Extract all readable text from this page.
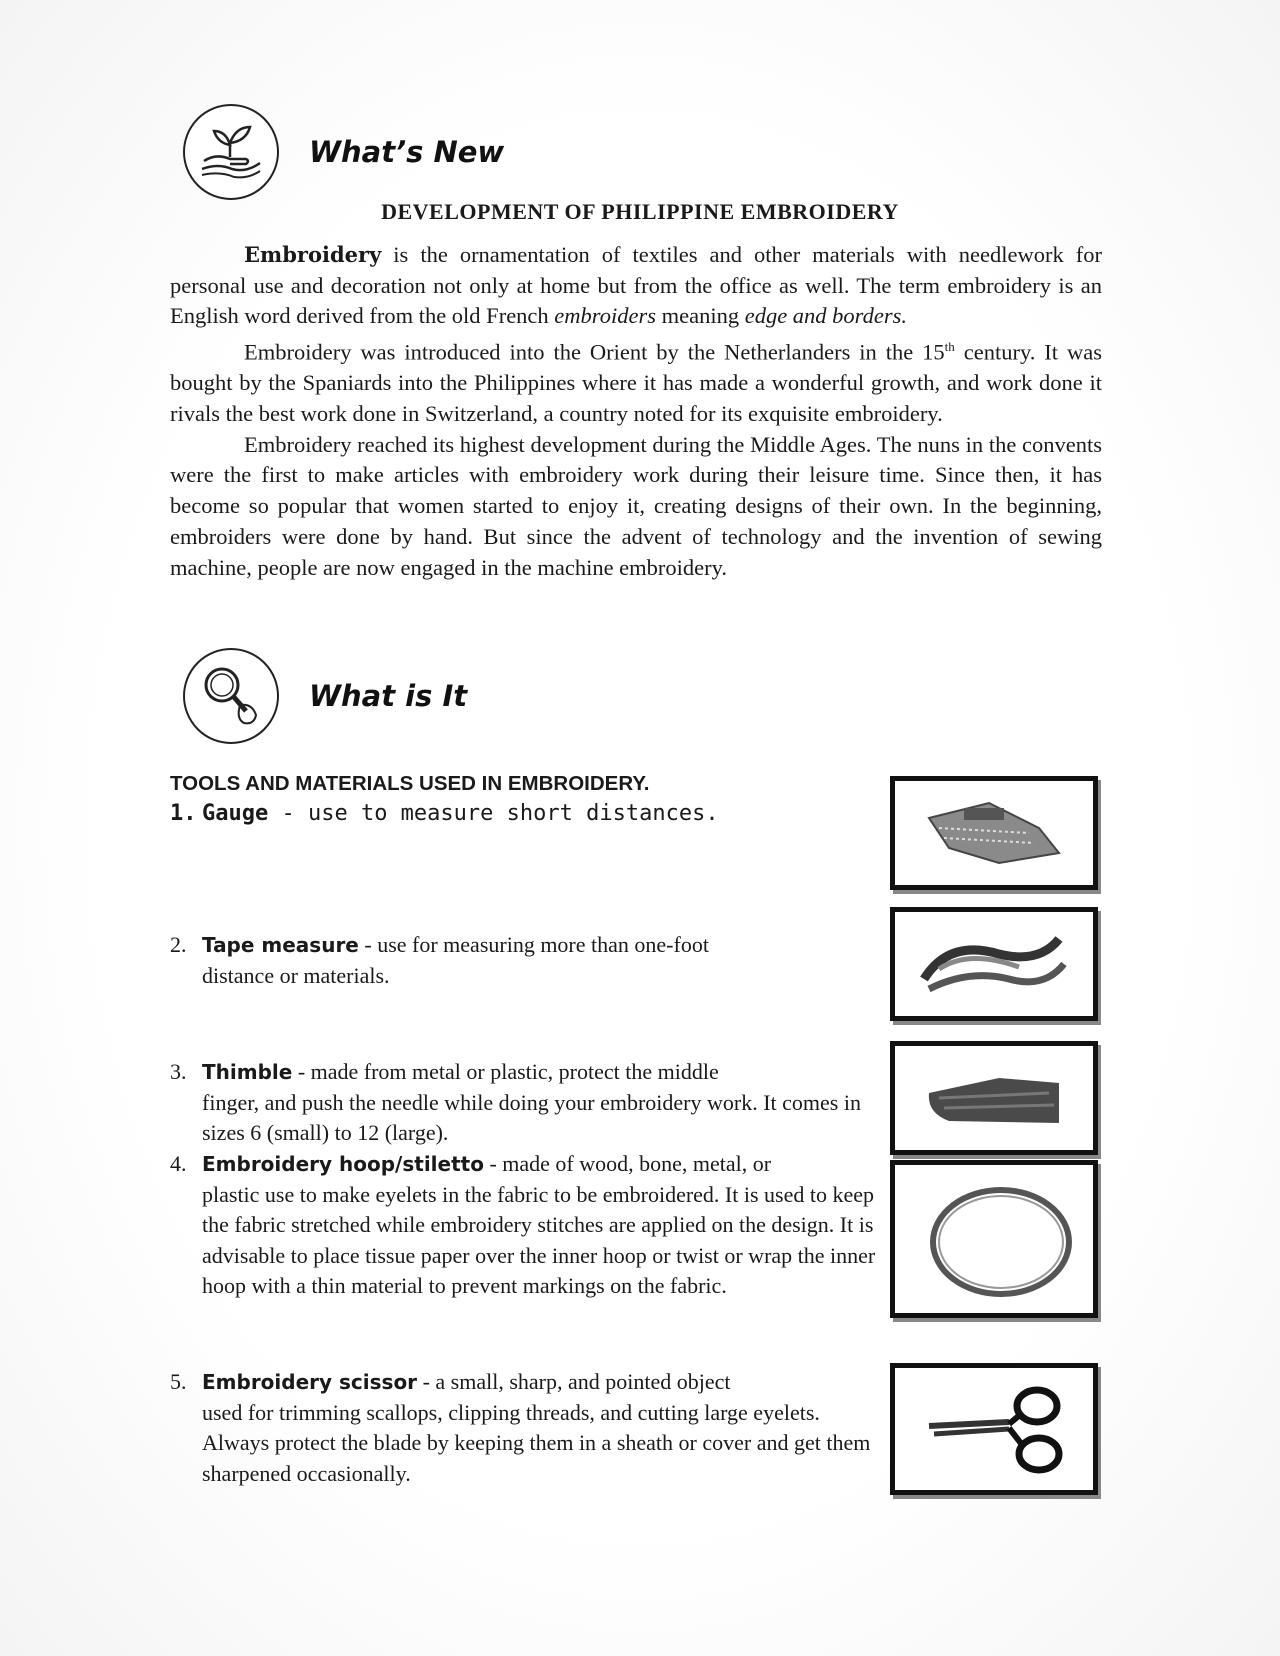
What’s New
DEVELOPMENT OF PHILIPPINE EMBROIDERY

Embroidery is the ornamentation of textiles and other materials with needlework for personal use and decoration not only at home but from the office as well. The term embroidery is an English word derived from the old French embroiders meaning edge and borders.

Embroidery was introduced into the Orient by the Netherlanders in the 15th century. It was bought by the Spaniards into the Philippines where it has made a wonderful growth, and work done it rivals the best work done in Switzerland, a country noted for its exquisite embroidery.

Embroidery reached its highest development during the Middle Ages. The nuns in the convents were the first to make articles with embroidery work during their leisure time. Since then, it has become so popular that women started to enjoy it, creating designs of their own. In the beginning, embroiders were done by hand. But since the advent of technology and the invention of sewing machine, people are now engaged in the machine embroidery.

What is It
TOOLS AND MATERIALS USED IN EMBROIDERY.
1. Gauge - use to measure short distances.
2. Tape measure - use for measuring more than one-foot
distance or materials.
3. Thimble - made from metal or plastic, protect the middle
finger, and push the needle while doing your embroidery work. It comes in sizes 6 (small) to 12 (large).
4. Embroidery hoop/stiletto - made of wood, bone, metal, or
plastic use to make eyelets in the fabric to be embroidered. It is used to keep the fabric stretched while embroidery stitches are applied on the design. It is advisable to place tissue paper over the inner hoop or twist or wrap the inner hoop with a thin material to prevent markings on the fabric.
5. Embroidery scissor - a small, sharp, and pointed object
used for trimming scallops, clipping threads, and cutting large eyelets. Always protect the blade by keeping them in a sheath or cover and get them sharpened occasionally.
